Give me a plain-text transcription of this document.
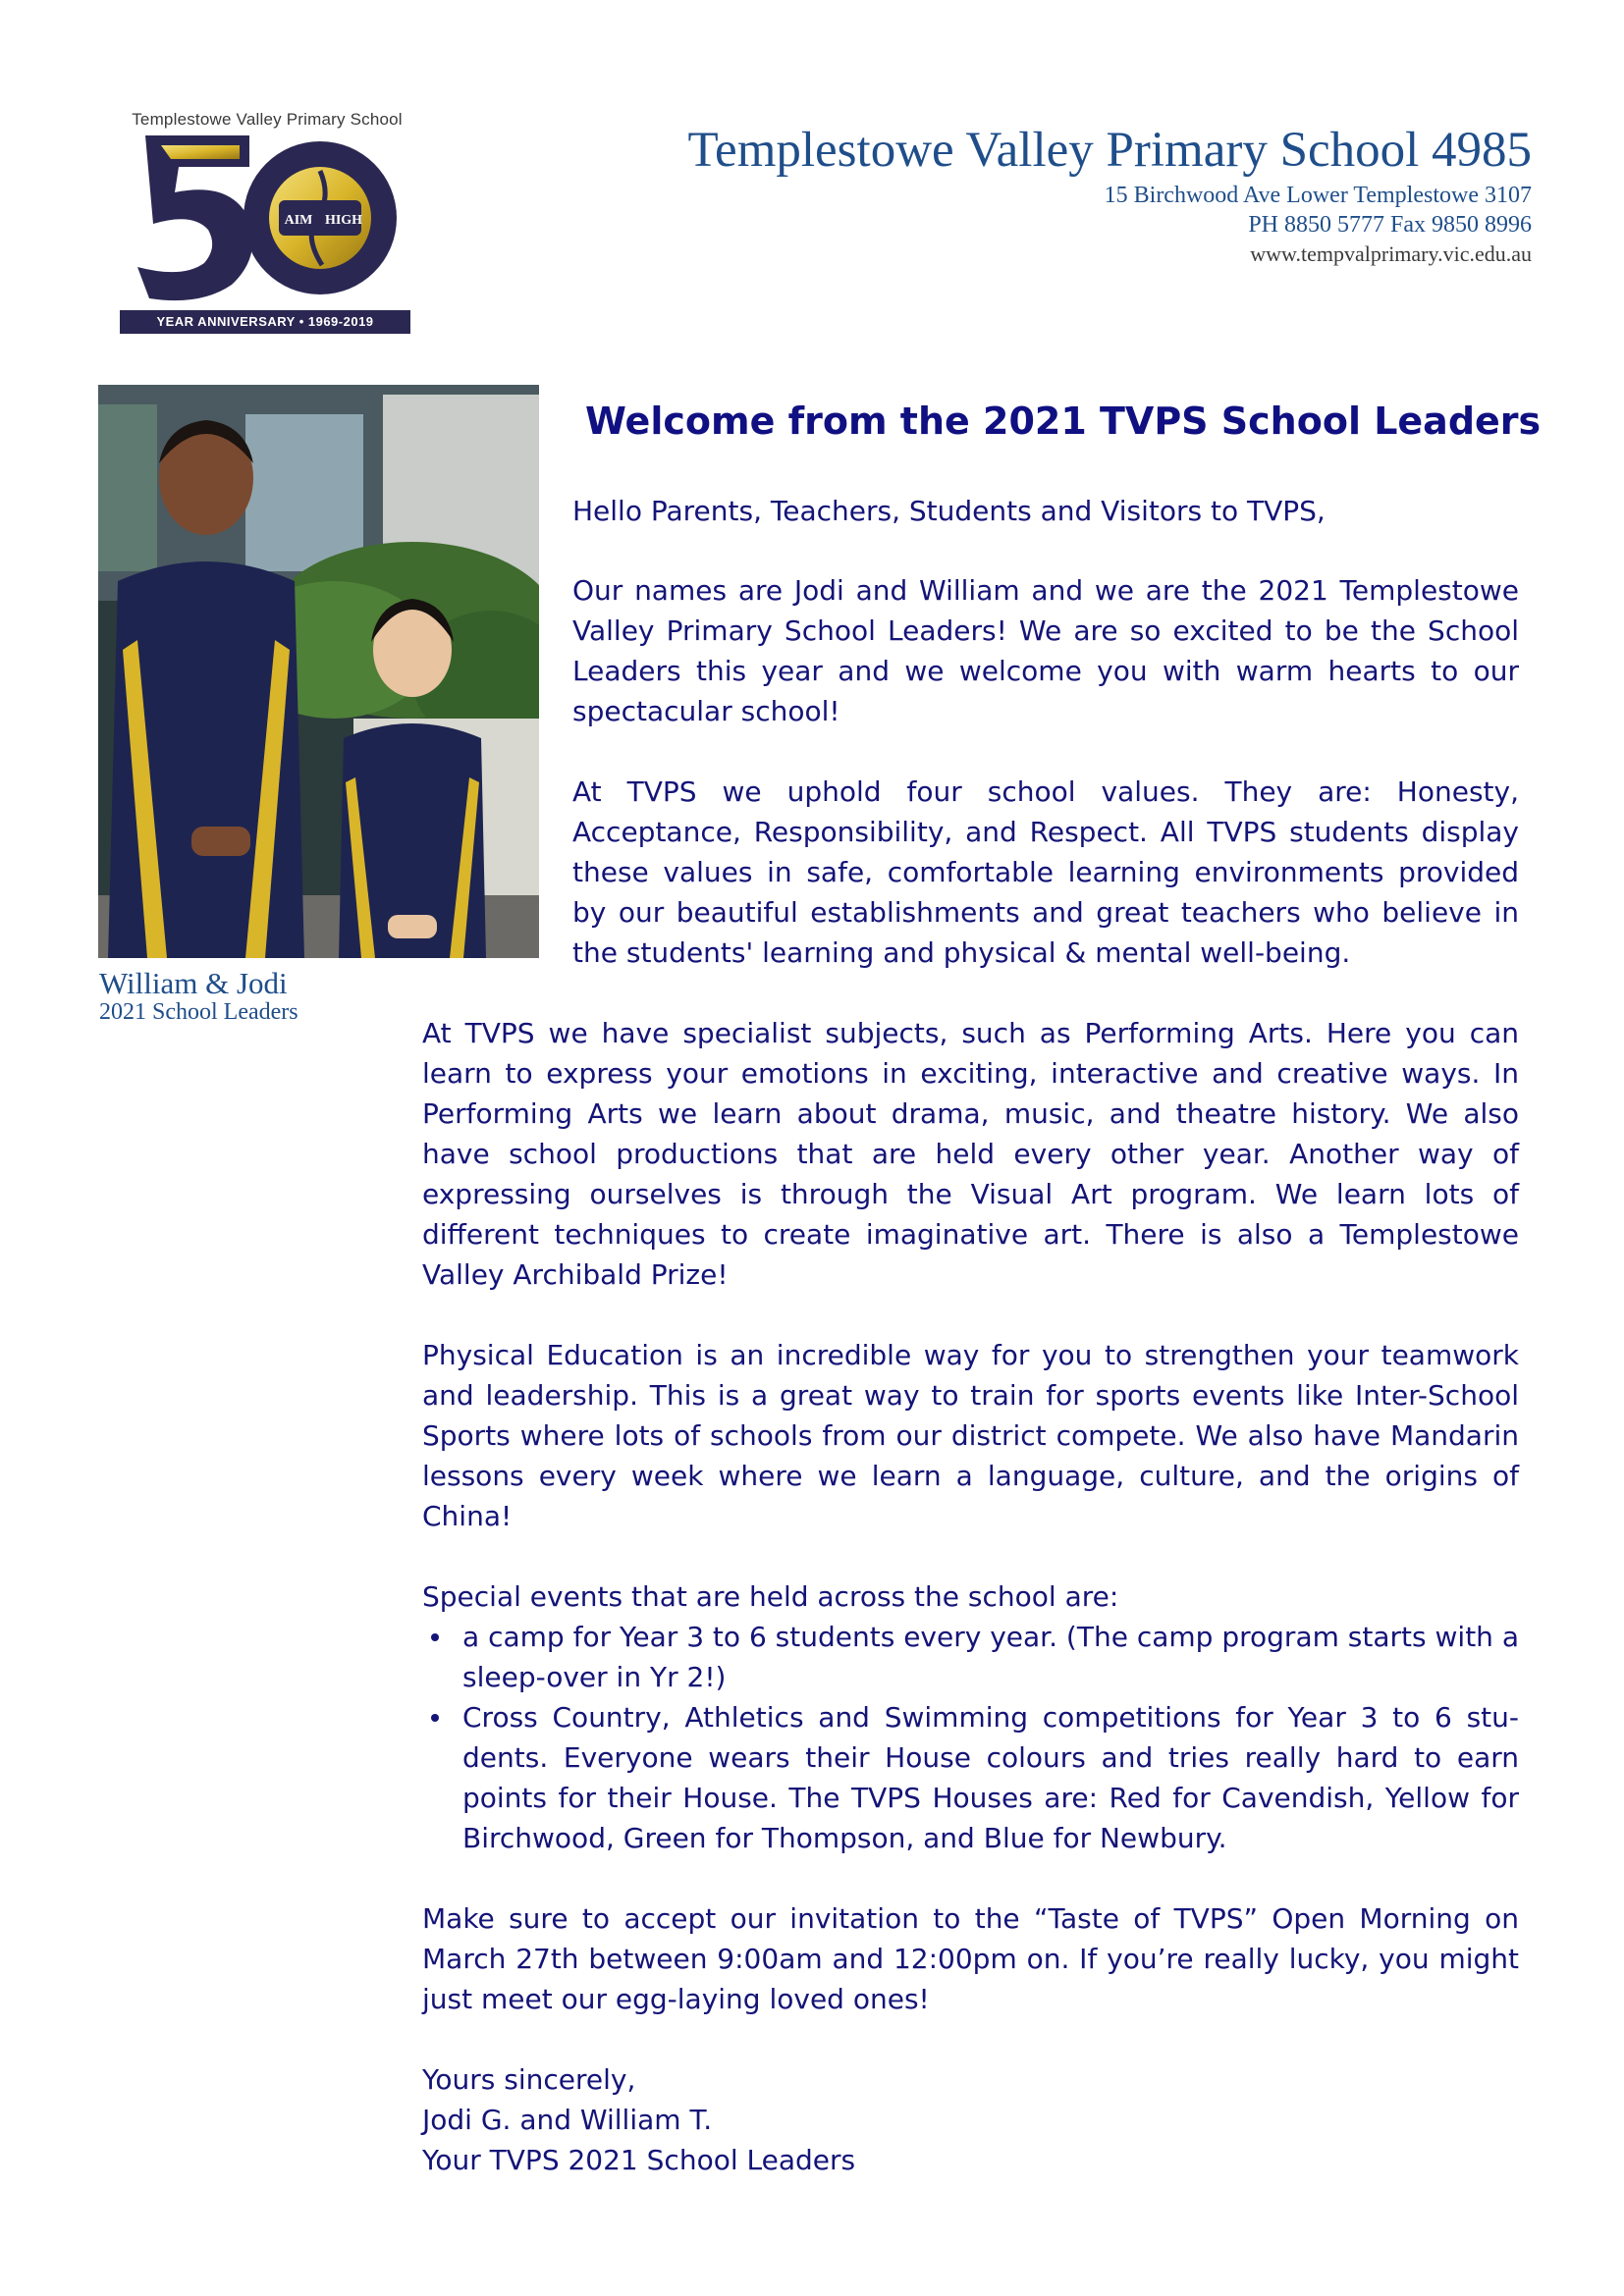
Templestowe Valley Primary School
AIM HIGH
YEAR ANNIVERSARY • 1969-2019
Templestowe Valley Primary School 4985
15 Birchwood Ave Lower Templestowe 3107
PH 8850 5777 Fax 9850 8996
www.tempvalprimary.vic.edu.au
William & Jodi
2021 School Leaders
Welcome from the 2021 TVPS School Leaders

Hello Parents, Teachers, Students and Visitors to TVPS,

Our names are Jodi and William and we are the 2021 Templestowe Valley Primary School Leaders! We are so excited to be the School Leaders this year and we welcome you with warm hearts to our spectacular school!

At TVPS we uphold four school values. They are: Honesty, Acceptance, Responsibility, and Respect. All TVPS students display these values in safe, comfortable learning environments provided by our beautiful establishments and great teachers who believe in the students' learning and physical & mental well-being.

At TVPS we have specialist subjects, such as Performing Arts. Here you can learn to express your emotions in exciting, interactive and creative ways. In Performing Arts we learn about drama, music, and theatre history. We also have school productions that are held every other year. Another way of expressing ourselves is through the Visual Art program. We learn lots of different techniques to create imaginative art. There is also a Templestowe Valley Archibald Prize!

Physical Education is an incredible way for you to strengthen your teamwork and leadership. This is a great way to train for sports events like Inter-School Sports where lots of schools from our district compete. We also have Mandarin lessons every week where we learn a language, culture, and the origins of China!

Special events that are held across the school are:

a camp for Year 3 to 6 students every year. (The camp program starts with a sleep-over in Yr 2!)
Cross Country, Athletics and Swimming competitions for Year 3 to 6 stu-dents. Everyone wears their House colours and tries really hard to earn points for their House. The TVPS Houses are: Red for Cavendish, Yellow for Birchwood, Green for Thompson, and Blue for Newbury.

Make sure to accept our invitation to the “Taste of TVPS” Open Morning on March 27th between 9:00am and 12:00pm on. If you’re really lucky, you might just meet our egg-laying loved ones!

Yours sincerely,
Jodi G. and William T.
Your TVPS 2021 School Leaders
